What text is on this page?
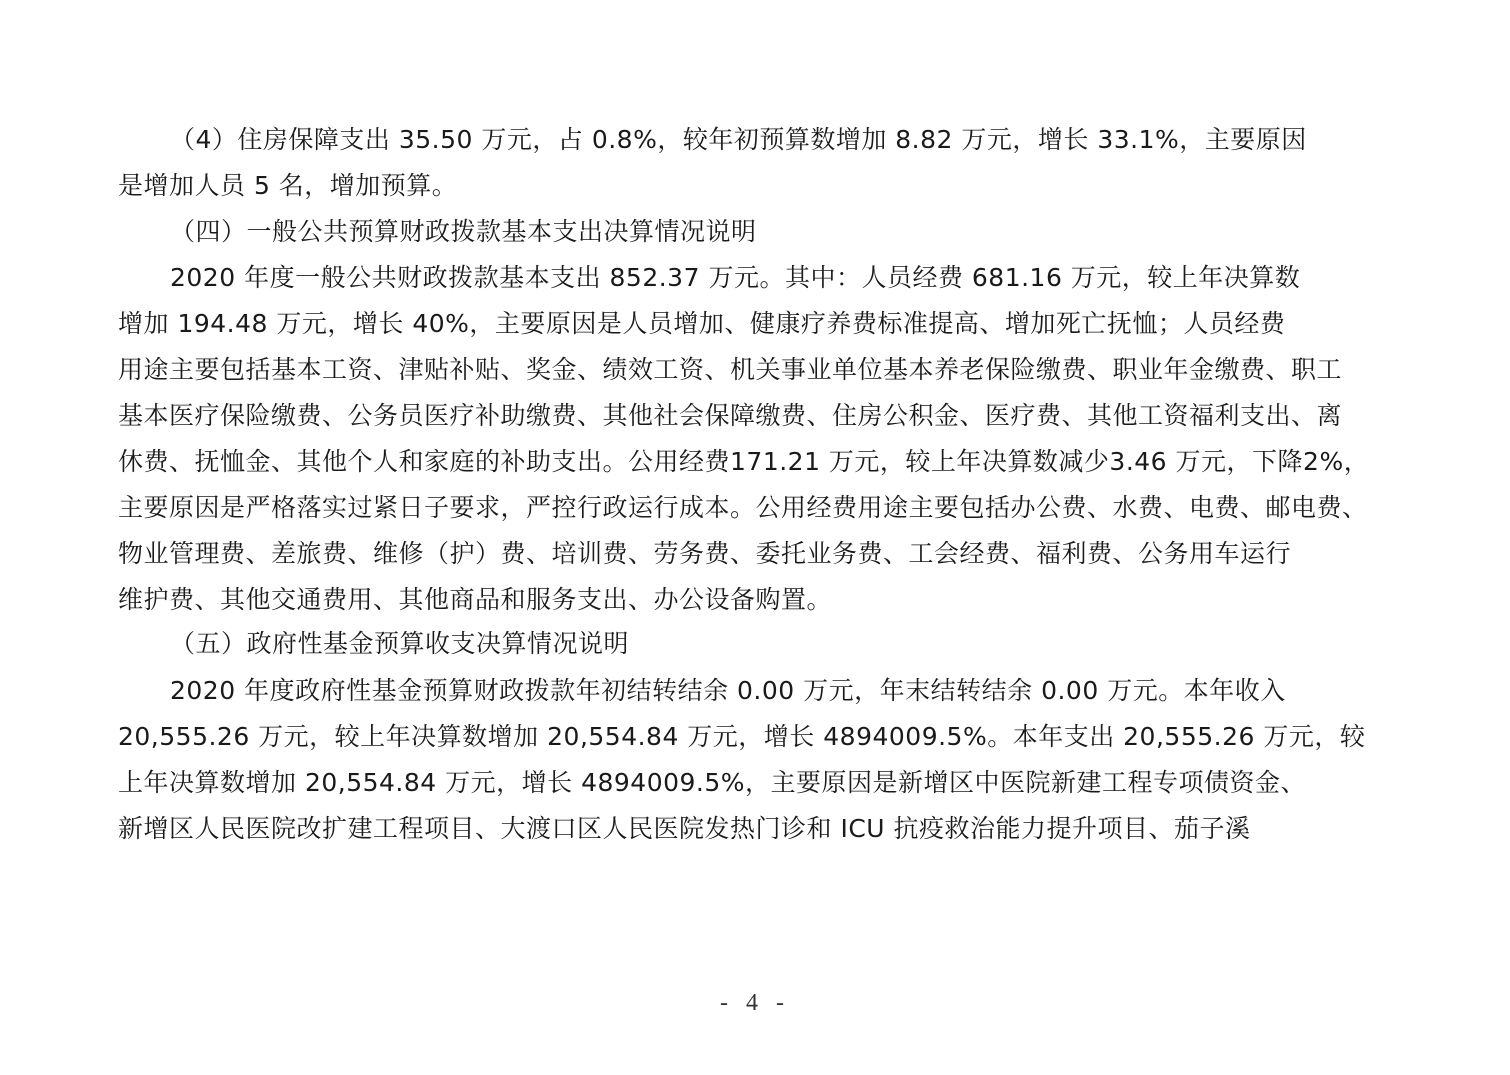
（4）住房保障支出 35.50 万元，占 0.8%，较年初预算数增加 8.82 万元，增长 33.1%，主要原因
是增加人员 5 名，增加预算。
（四）一般公共预算财政拨款基本支出决算情况说明
2020 年度一般公共财政拨款基本支出 852.37 万元。其中：人员经费 681.16 万元，较上年决算数
增加 194.48 万元，增长 40%，主要原因是人员增加、健康疗养费标准提高、增加死亡抚恤；人员经费
用途主要包括基本工资、津贴补贴、奖金、绩效工资、机关事业单位基本养老保险缴费、职业年金缴费、职工
基本医疗保险缴费、公务员医疗补助缴费、其他社会保障缴费、住房公积金、医疗费、其他工资福利支出、离
休费、抚恤金、其他个人和家庭的补助支出。公用经费171.21 万元，较上年决算数减少3.46 万元，下降2%，
主要原因是严格落实过紧日子要求，严控行政运行成本。公用经费用途主要包括办公费、水费、电费、邮电费、
物业管理费、差旅费、维修（护）费、培训费、劳务费、委托业务费、工会经费、福利费、公务用车运行
维护费、其他交通费用、其他商品和服务支出、办公设备购置。
（五）政府性基金预算收支决算情况说明
2020 年度政府性基金预算财政拨款年初结转结余 0.00 万元，年末结转结余 0.00 万元。本年收入
20,555.26 万元，较上年决算数增加 20,554.84 万元，增长 4894009.5%。本年支出 20,555.26 万元，较
上年决算数增加 20,554.84 万元，增长 4894009.5%，主要原因是新增区中医院新建工程专项债资金、
新增区人民医院改扩建工程项目、大渡口区人民医院发热门诊和 ICU 抗疫救治能力提升项目、茄子溪
- 4 -
